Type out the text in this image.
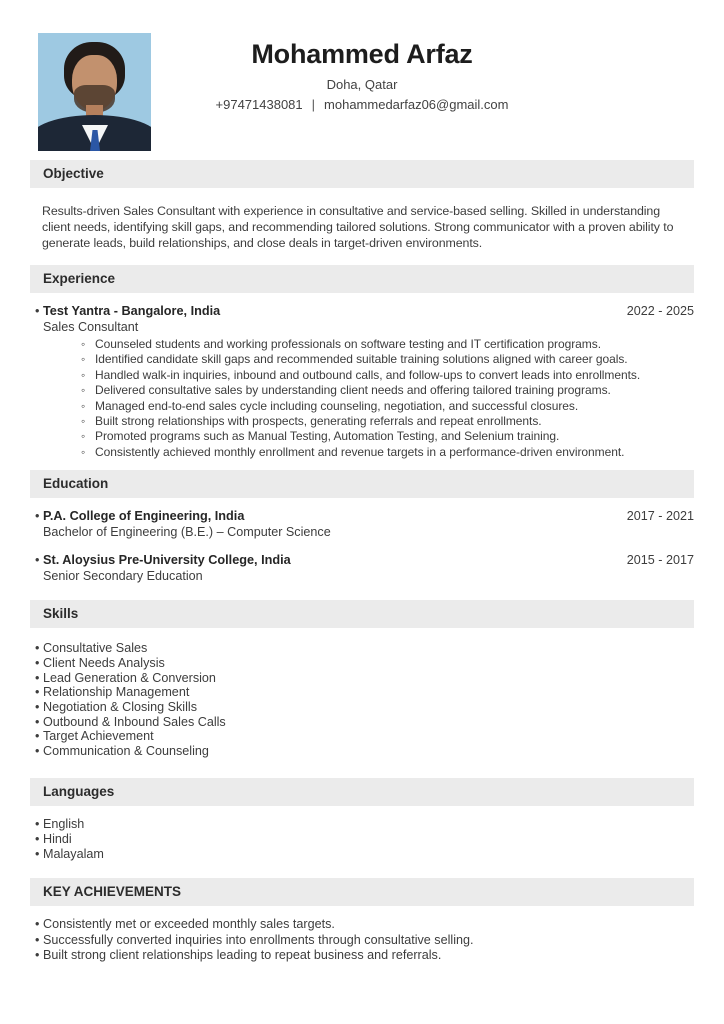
Mohammed Arfaz
Doha, Qatar
+97471438081 | mohammedarfaz06@gmail.com
Objective

Results-driven Sales Consultant with experience in consultative and service-based selling. Skilled in understanding client needs, identifying skill gaps, and recommending tailored solutions. Strong communicator with a proven ability to generate leads, build relationships, and close deals in target-driven environments.

Experience
• Test Yantra - Bangalore, India	2022 - 2025
Sales Consultant
◦ Counseled students and working professionals on software testing and IT certification programs.
◦ Identified candidate skill gaps and recommended suitable training solutions aligned with career goals.
◦ Handled walk-in inquiries, inbound and outbound calls, and follow-ups to convert leads into enrollments.
◦ Delivered consultative sales by understanding client needs and offering tailored training programs.
◦ Managed end-to-end sales cycle including counseling, negotiation, and successful closures.
◦ Built strong relationships with prospects, generating referrals and repeat enrollments.
◦ Promoted programs such as Manual Testing, Automation Testing, and Selenium training.
◦ Consistently achieved monthly enrollment and revenue targets in a performance-driven environment.
Education
• P.A. College of Engineering, India	2017 - 2021
Bachelor of Engineering (B.E.) – Computer Science
• St. Aloysius Pre-University College, India	2015 - 2017
Senior Secondary Education
Skills
• Consultative Sales
• Client Needs Analysis
• Lead Generation & Conversion
• Relationship Management
• Negotiation & Closing Skills
• Outbound & Inbound Sales Calls
• Target Achievement
• Communication & Counseling
Languages
• English
• Hindi
• Malayalam
KEY ACHIEVEMENTS
• Consistently met or exceeded monthly sales targets.
• Successfully converted inquiries into enrollments through consultative selling.
• Built strong client relationships leading to repeat business and referrals.
